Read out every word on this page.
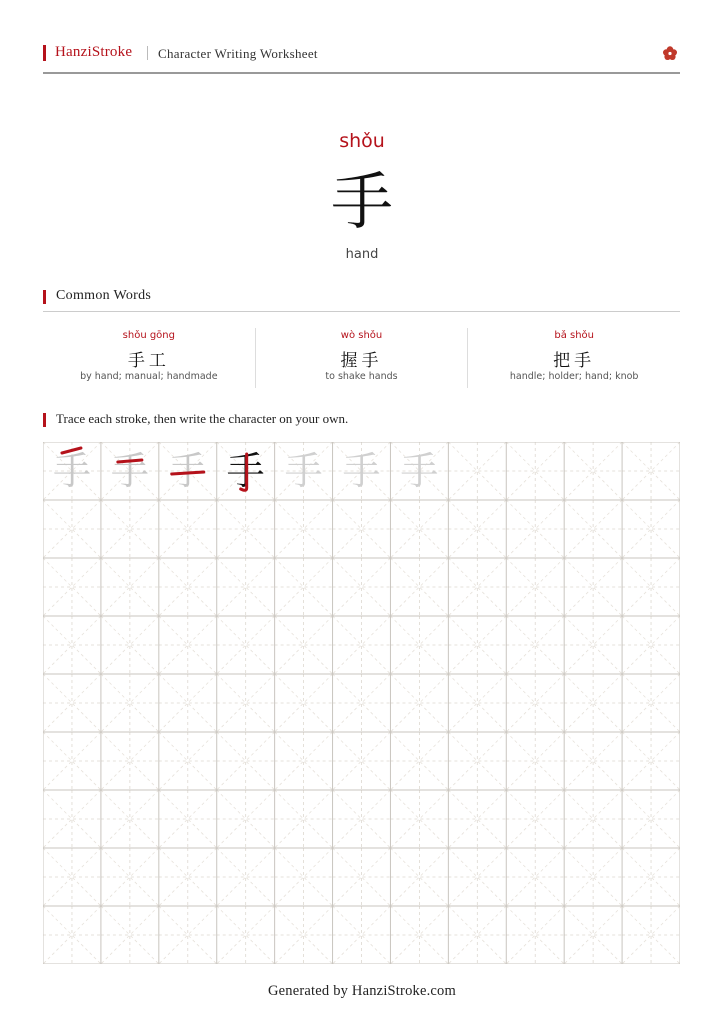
HanziStroke Character Writing Worksheet
shǒu
手
hand
Common Words
shǒu gōng
手工
by hand; manual; handmade
wò shǒu
握手
to shake hands
bǎ shǒu
把手
handle; holder; hand; knob
Trace each stroke, then write the character on your own.
手 手 手 手 手 手 手
Generated by HanziStroke.com
